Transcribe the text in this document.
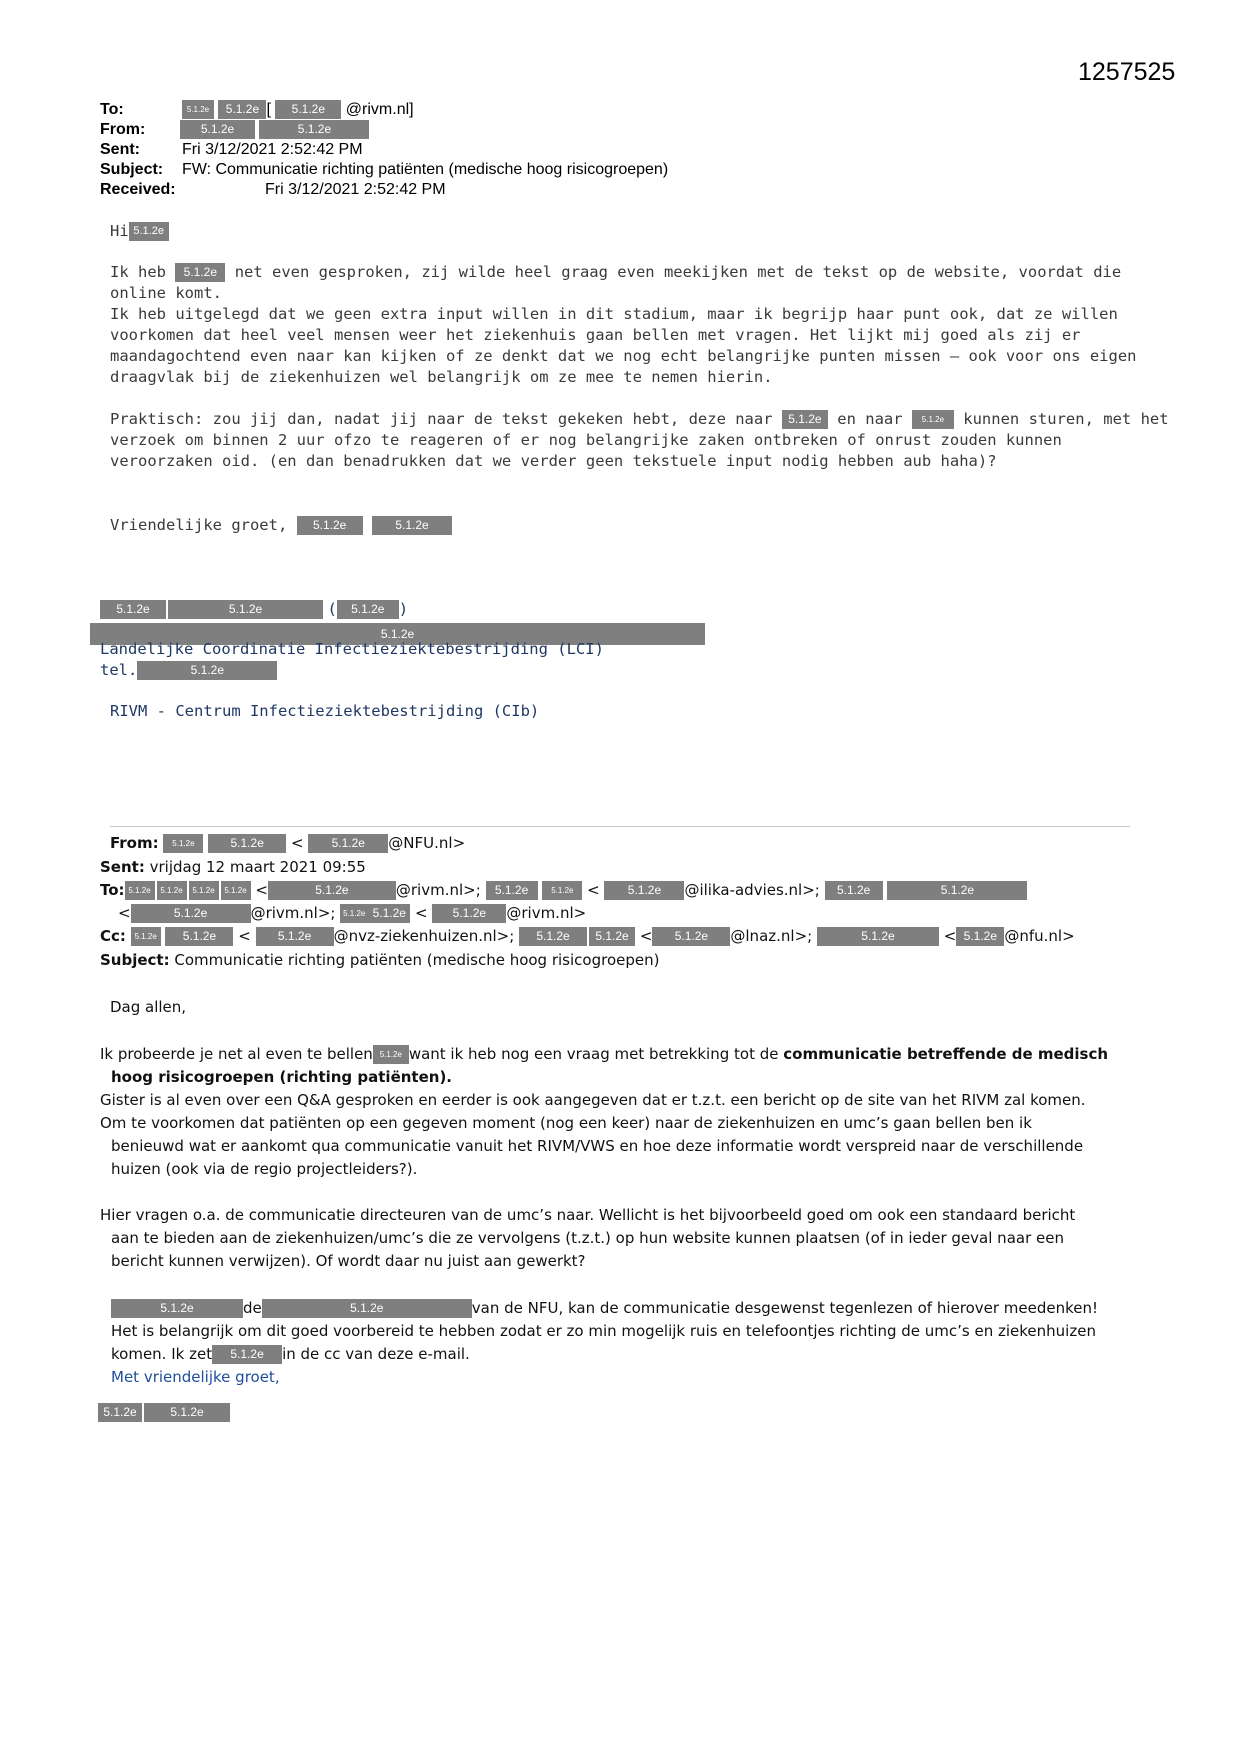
1257525
To:	5.1.2e 5.1.2e [ 5.1.2e @rivm.nl]
From:	5.1.2e	5.1.2e
Sent:	Fri 3/12/2021 2:52:42 PM
Subject: FW: Communicatie richting patiënten (medische hoog risicogroepen)
Received:	Fri 3/12/2021 2:52:42 PM
Hi 5.1.2e

Ik heb 5.1.2e net even gesproken, zij wilde heel graag even meekijken met de tekst op de website, voordat die

online komt.

Ik heb uitgelegd dat we geen extra input willen in dit stadium, maar ik begrijp haar punt ook, dat ze willen

voorkomen dat heel veel mensen weer het ziekenhuis gaan bellen met vragen. Het lijkt mij goed als zij er

maandagochtend even naar kan kijken of ze denkt dat we nog echt belangrijke punten missen – ook voor ons eigen

draagvlak bij de ziekenhuizen wel belangrijk om ze mee te nemen hierin.

Praktisch: zou jij dan, nadat jij naar de tekst gekeken hebt, deze naar 5.1.2e en naar 5.1.2e kunnen sturen, met het

verzoek om binnen 2 uur ofzo te reageren of er nog belangrijke zaken ontbreken of onrust zouden kunnen

veroorzaken oid. (en dan benadrukken dat we verder geen tekstuele input nodig hebben aub haha)?

Vriendelijke groet, 5.1.2e	5.1.2e
5.1.2e	5.1.2e	( 5.1.2e )
5.1.2e
Landelijke Coordinatie Infectieziektebestrijding (LCI)
tel.	5.1.2e
RIVM - Centrum Infectieziektebestrijding (CIb)
From: 5.1.2e	5.1.2e < 5.1.2e @NFU.nl>
Sent: vrijdag 12 maart 2021 09:55
To: 5.1.2e 5.1.2e 5.1.2e 5.1.2e <	5.1.2e	@rivm.nl>; 5.1.2e	5.1.2e < 5.1.2e @ilika-advies.nl>; 5.1.2e	5.1.2e
<	5.1.2e	@rivm.nl>; 5.1.2e 5.1.2e < 5.1.2e @rivm.nl>
Cc: 5.1.2e 5.1.2e < 5.1.2e @nvz-ziekenhuizen.nl>; 5.1.2e 5.1.2e < 5.1.2e @lnaz.nl>;	5.1.2e	< 5.1.2e @nfu.nl>
Subject: Communicatie richting patiënten (medische hoog risicogroepen)
Dag allen,
Ik probeerde je net al even te bellen 5.1.2e want ik heb nog een vraag met betrekking tot de communicatie betreffende de medisch
hoog risicogroepen (richting patiënten).
Gister is al even over een Q&A gesproken en eerder is ook aangegeven dat er t.z.t. een bericht op de site van het RIVM zal komen.
Om te voorkomen dat patiënten op een gegeven moment (nog een keer) naar de ziekenhuizen en umc’s gaan bellen ben ik
benieuwd wat er aankomt qua communicatie vanuit het RIVM/VWS en hoe deze informatie wordt verspreid naar de verschillende
huizen (ook via de regio projectleiders?).
Hier vragen o.a. de communicatie directeuren van de umc’s naar. Wellicht is het bijvoorbeeld goed om ook een standaard bericht
aan te bieden aan de ziekenhuizen/umc’s die ze vervolgens (t.z.t.) op hun website kunnen plaatsen (of in ieder geval naar een
bericht kunnen verwijzen). Of wordt daar nu juist aan gewerkt?
5.1.2e	de	5.1.2e	van de NFU, kan de communicatie desgewenst tegenlezen of hierover meedenken!
Het is belangrijk om dit goed voorbereid te hebben zodat er zo min mogelijk ruis en telefoontjes richting de umc’s en ziekenhuizen
komen. Ik zet 5.1.2e in de cc van deze e-mail.
Met vriendelijke groet,
5.1.2e	5.1.2e
